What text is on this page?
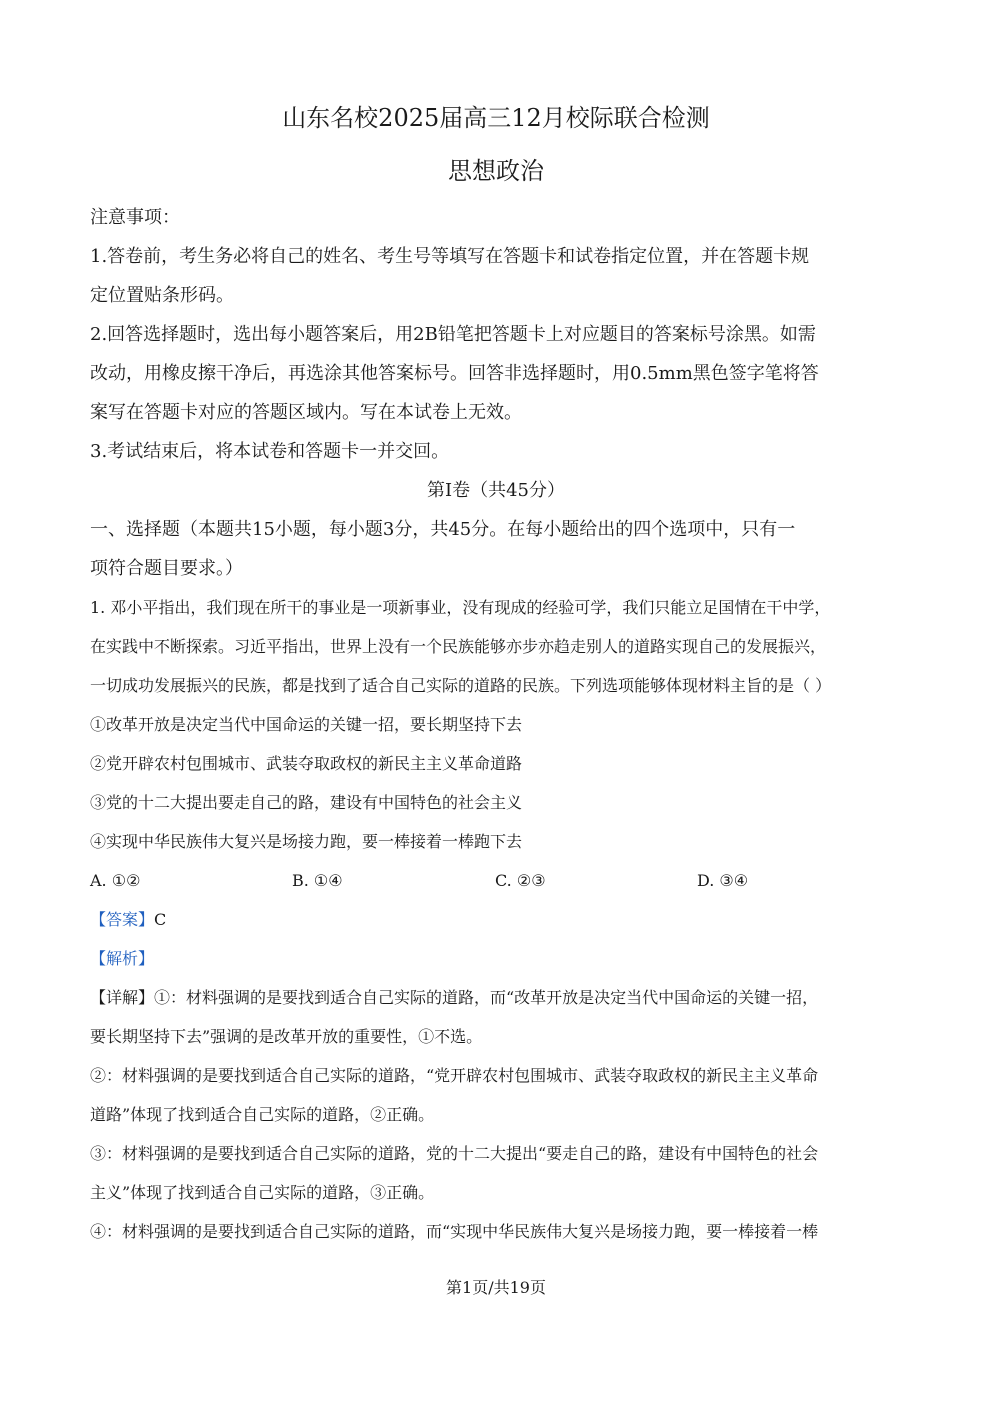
山东名校2025届高三12月校际联合检测
思想政治
注意事项：
1.答卷前，考生务必将自己的姓名、考生号等填写在答题卡和试卷指定位置，并在答题卡规
定位置贴条形码。
2.回答选择题时，选出每小题答案后，用2B铅笔把答题卡上对应题目的答案标号涂黑。如需
改动，用橡皮擦干净后，再选涂其他答案标号。回答非选择题时，用0.5mm黑色签字笔将答
案写在答题卡对应的答题区域内。写在本试卷上无效。
3.考试结束后，将本试卷和答题卡一并交回。
第Ⅰ卷（共45分）
一、选择题（本题共15小题，每小题3分，共45分。在每小题给出的四个选项中，只有一
项符合题目要求。）
1. 邓小平指出，我们现在所干的事业是一项新事业，没有现成的经验可学，我们只能立足国情在干中学，
在实践中不断探索。习近平指出，世界上没有一个民族能够亦步亦趋走别人的道路实现自己的发展振兴，
一切成功发展振兴的民族，都是找到了适合自己实际的道路的民族。下列选项能够体现材料主旨的是（ ）
①改革开放是决定当代中国命运的关键一招，要长期坚持下去
②党开辟农村包围城市、武装夺取政权的新民主主义革命道路
③党的十二大提出要走自己的路，建设有中国特色的社会主义
④实现中华民族伟大复兴是场接力跑，要一棒接着一棒跑下去
A. ①②	B. ①④	C. ②③	D. ③④
【答案】C
【解析】
【详解】①：材料强调的是要找到适合自己实际的道路，而“改革开放是决定当代中国命运的关键一招，
要长期坚持下去”强调的是改革开放的重要性，①不选。
②：材料强调的是要找到适合自己实际的道路，“党开辟农村包围城市、武装夺取政权的新民主主义革命
道路”体现了找到适合自己实际的道路，②正确。
③：材料强调的是要找到适合自己实际的道路，党的十二大提出“要走自己的路，建设有中国特色的社会
主义”体现了找到适合自己实际的道路，③正确。
④：材料强调的是要找到适合自己实际的道路，而“实现中华民族伟大复兴是场接力跑，要一棒接着一棒
第1页/共19页
